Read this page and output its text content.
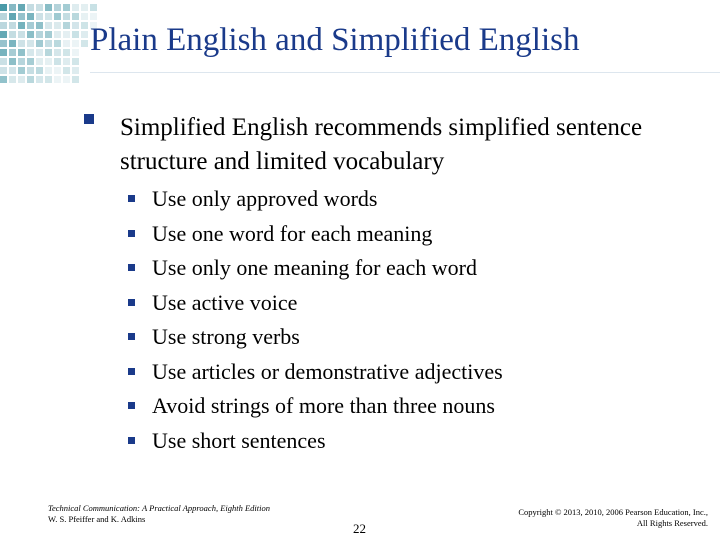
Plain English and Simplified English
Simplified English recommends simplified sentence structure and limited vocabulary
Use only approved words
Use one word for each meaning
Use only one meaning for each word
Use active voice
Use strong verbs
Use articles or demonstrative adjectives
Avoid strings of more than three nouns
Use short sentences
Technical Communication: A Practical Approach, Eighth Edition
W. S. Pfeiffer and K. Adkins
22
Copyright © 2013, 2010, 2006 Pearson Education, Inc.,
All Rights Reserved.
